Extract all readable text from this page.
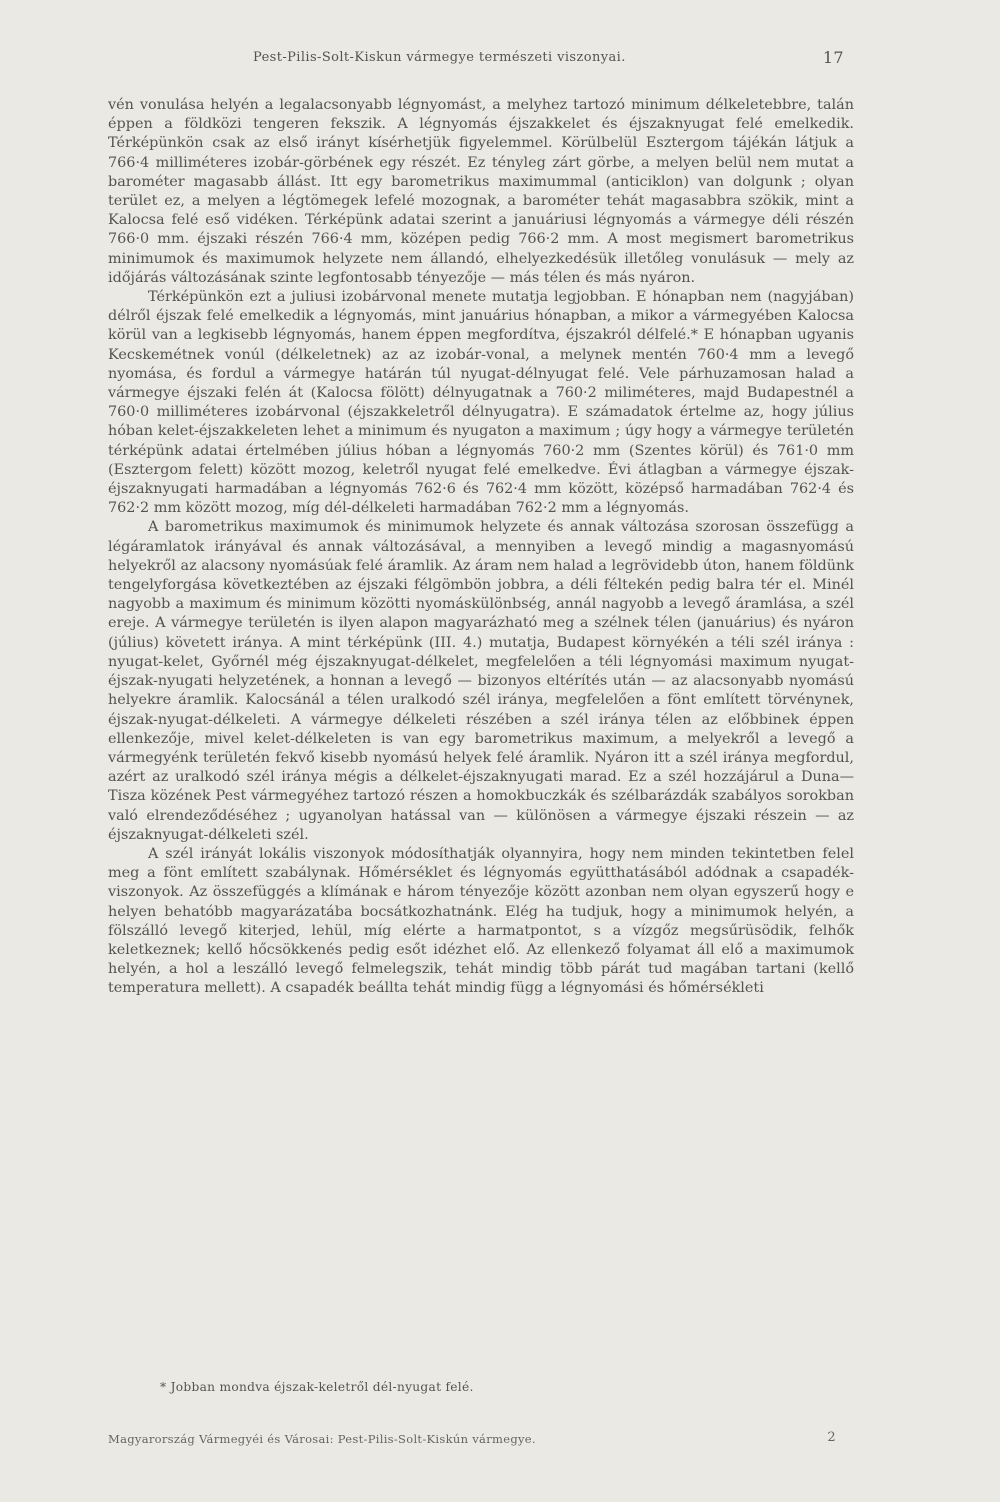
Pest-Pilis-Solt-Kiskun vármegye természeti viszonyai.	17

vén vonulása helyén a legalacsonyabb légnyomást, a melyhez tartozó minimum délkeletebbre, talán éppen a földközi tengeren fekszik. A légnyomás éjszakkelet és éjszaknyugat felé emelkedik. Térképünkön csak az első irányt kísérhetjük figyelemmel. Körülbelül Esztergom tájékán látjuk a 766·4 milliméteres izobár-görbének egy részét. Ez tényleg zárt görbe, a melyen belül nem mutat a barométer magasabb állást. Itt egy barometrikus maximummal (anticiklon) van dolgunk ; olyan terület ez, a melyen a légtömegek lefelé mozognak, a barométer tehát magasabbra szökik, mint a Kalocsa felé eső vidéken. Térképünk adatai szerint a januáriusi légnyomás a vármegye déli részén 766·0 mm. éjszaki részén 766·4 mm, középen pedig 766·2 mm. A most megismert barometrikus minimumok és maximumok helyzete nem állandó, elhelyezkedésük illetőleg vonulásuk — mely az időjárás változásának szinte legfontosabb tényezője — más télen és más nyáron.

Térképünkön ezt a juliusi izobárvonal menete mutatja legjobban. E hónapban nem (nagyjában) délről éjszak felé emelkedik a légnyomás, mint januárius hónapban, a mikor a vármegyében Kalocsa körül van a legkisebb légnyomás, hanem éppen megfordítva, éjszakról délfelé.* E hónapban ugyanis Kecskemétnek vonúl (délkeletnek) az az izobár-vonal, a melynek mentén 760·4 mm a levegő nyomása, és fordul a vármegye határán túl nyugat-délnyugat felé. Vele párhuzamosan halad a vármegye éjszaki felén át (Kalocsa fölött) délnyugatnak a 760·2 miliméteres, majd Budapestnél a 760·0 milliméteres izobárvonal (éjszakkeletről délnyugatra). E számadatok értelme az, hogy július hóban kelet-éjszakkeleten lehet a minimum és nyugaton a maximum ; úgy hogy a vármegye területén térképünk adatai értelmében július hóban a légnyomás 760·2 mm (Szentes körül) és 761·0 mm (Esztergom felett) között mozog, keletről nyugat felé emelkedve. Évi átlagban a vármegye éjszak-éjszaknyugati harmadában a légnyomás 762·6 és 762·4 mm között, középső harmadában 762·4 és 762·2 mm között mozog, míg dél-délkeleti harmadában 762·2 mm a légnyomás.

A barometrikus maximumok és minimumok helyzete és annak változása szorosan összefügg a légáramlatok irányával és annak változásával, a mennyiben a levegő mindig a magasnyomású helyekről az alacsony nyomásúak felé áramlik. Az áram nem halad a legrövidebb úton, hanem földünk tengelyforgása következtében az éjszaki félgömbön jobbra, a déli féltekén pedig balra tér el. Minél nagyobb a maximum és minimum közötti nyomáskülönbség, annál nagyobb a levegő áramlása, a szél ereje. A vármegye területén is ilyen alapon magyarázható meg a szélnek télen (januárius) és nyáron (július) követett iránya. A mint térképünk (III. 4.) mutatja, Budapest környékén a téli szél iránya : nyugat-kelet, Győrnél még éjszaknyugat-délkelet, megfelelően a téli légnyomási maximum nyugat-éjszak-nyugati helyzetének, a honnan a levegő — bizonyos eltérítés után — az alacsonyabb nyomású helyekre áramlik. Kalocsánál a télen uralkodó szél iránya, megfelelően a fönt említett törvénynek, éjszak-nyugat-délkeleti. A vármegye délkeleti részében a szél iránya télen az előbbinek éppen ellenkezője, mivel kelet-délkeleten is van egy barometrikus maximum, a melyekről a levegő a vármegyénk területén fekvő kisebb nyomású helyek felé áramlik. Nyáron itt a szél iránya megfordul, azért az uralkodó szél iránya mégis a délkelet-éjszaknyugati marad. Ez a szél hozzájárul a Duna—Tisza közének Pest vármegyéhez tartozó részen a homokbuczkák és szélbarázdák szabályos sorokban való elrendeződéséhez ; ugyanolyan hatással van — különösen a vármegye éjszaki részein — az éjszaknyugat-délkeleti szél.

A szél irányát lokális viszonyok módosíthatják olyannyira, hogy nem minden tekintetben felel meg a fönt említett szabálynak. Hőmérséklet és légnyomás együtthatásából adódnak a csapadék-viszonyok. Az összefüggés a klímának e három tényezője között azonban nem olyan egyszerű hogy e helyen behatóbb magyarázatába bocsátkozhatnánk. Elég ha tudjuk, hogy a minimumok helyén, a fölszálló levegő kiterjed, lehül, míg elérte a harmatpontot, s a vízgőz megsűrüsödik, felhők keletkeznek; kellő hőcsökkenés pedig esőt idézhet elő. Az ellenkező folyamat áll elő a maximumok helyén, a hol a leszálló levegő felmelegszik, tehát mindig több párát tud magában tartani (kellő temperatura mellett). A csapadék beállta tehát mindig függ a légnyomási és hőmérsékleti

* Jobban mondva éjszak-keletről dél-nyugat felé.
Magyarország Vármegyéi és Városai: Pest-Pilis-Solt-Kiskún vármegye.	2
